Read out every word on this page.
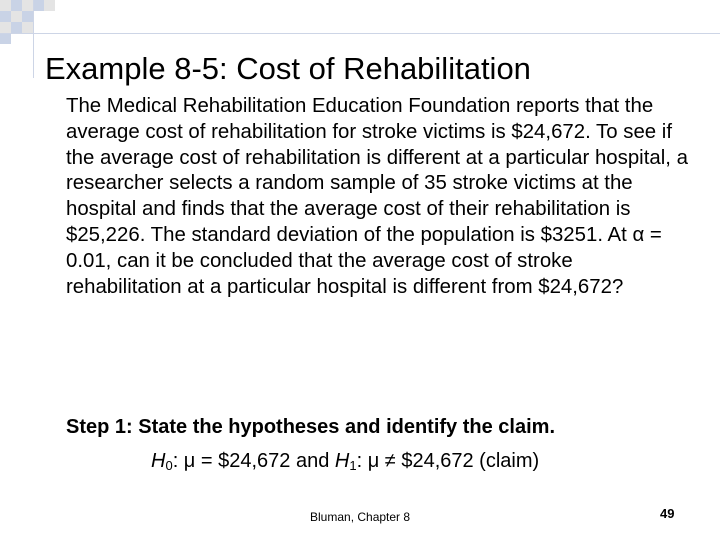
Example 8-5: Cost of Rehabilitation
The Medical Rehabilitation Education Foundation reports that the average cost of rehabilitation for stroke victims is $24,672. To see if the average cost of rehabilitation is different at a particular hospital, a researcher selects a random sample of 35 stroke victims at the hospital and finds that the average cost of their rehabilitation is $25,226. The standard deviation of the population is $3251. At α = 0.01, can it be concluded that the average cost of stroke rehabilitation at a particular hospital is different from $24,672?
Step 1: State the hypotheses and identify the claim.
$H_0$: μ = $24,672 and $H_1$: μ ≠ $24,672 (claim)
Bluman, Chapter 8	49
